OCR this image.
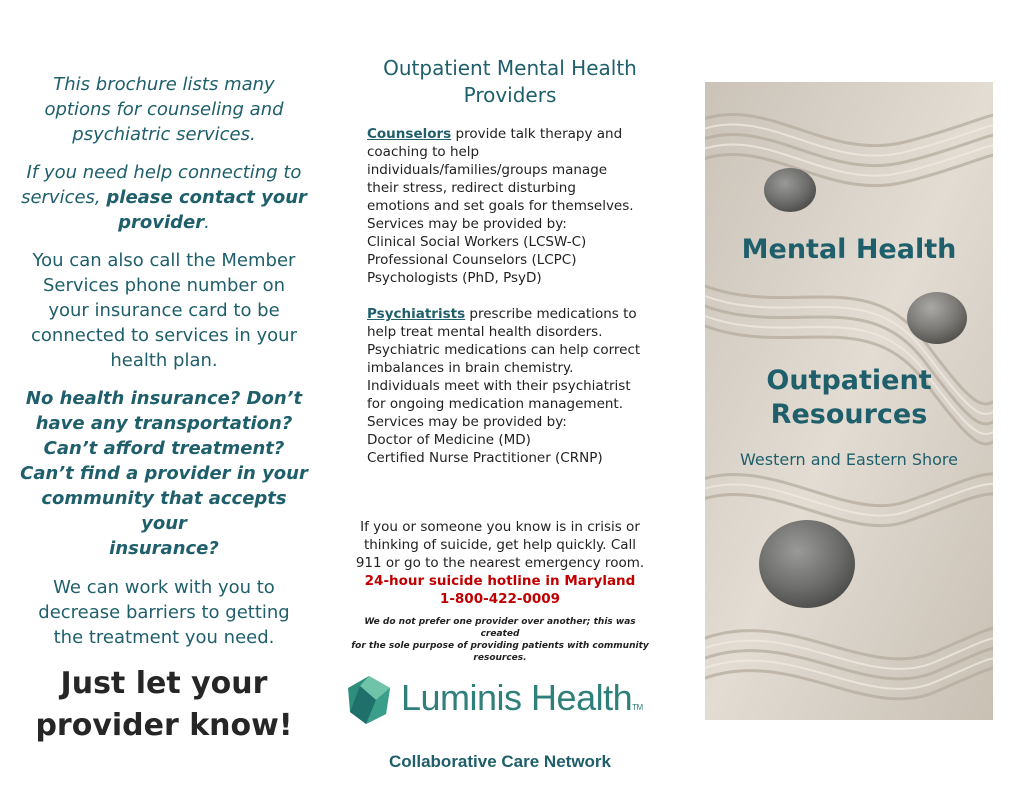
This brochure lists many
options for counseling and
psychiatric services.
If you need help connecting to
services, please contact your
provider.
You can also call the Member
Services phone number on
your insurance card to be
connected to services in your
health plan.
No health insurance? Don’t
have any transportation?
Can’t afford treatment?
Can’t find a provider in your
community that accepts your
insurance?
We can work with you to
decrease barriers to getting
the treatment you need.
Just let your
provider know!
Outpatient Mental Health
Providers

Counselors provide talk therapy and
coaching to help
individuals/families/groups manage
their stress, redirect disturbing
emotions and set goals for themselves.
Services may be provided by:
Clinical Social Workers (LCSW-C)
Professional Counselors (LCPC)
Psychologists (PhD, PsyD)

Psychiatrists prescribe medications to
help treat mental health disorders.
Psychiatric medications can help correct
imbalances in brain chemistry.
Individuals meet with their psychiatrist
for ongoing medication management.
Services may be provided by:
Doctor of Medicine (MD)
Certified Nurse Practitioner (CRNP)

If you or someone you know is in crisis or
thinking of suicide, get help quickly. Call
911 or go to the nearest emergency room.
24-hour suicide hotline in Maryland
1-800-422-0009
We do not prefer one provider over another; this was created
for the sole purpose of providing patients with community
resources.
Luminis HealthTM
Collaborative Care Network
Mental Health
Outpatient
Resources
Western and Eastern Shore
